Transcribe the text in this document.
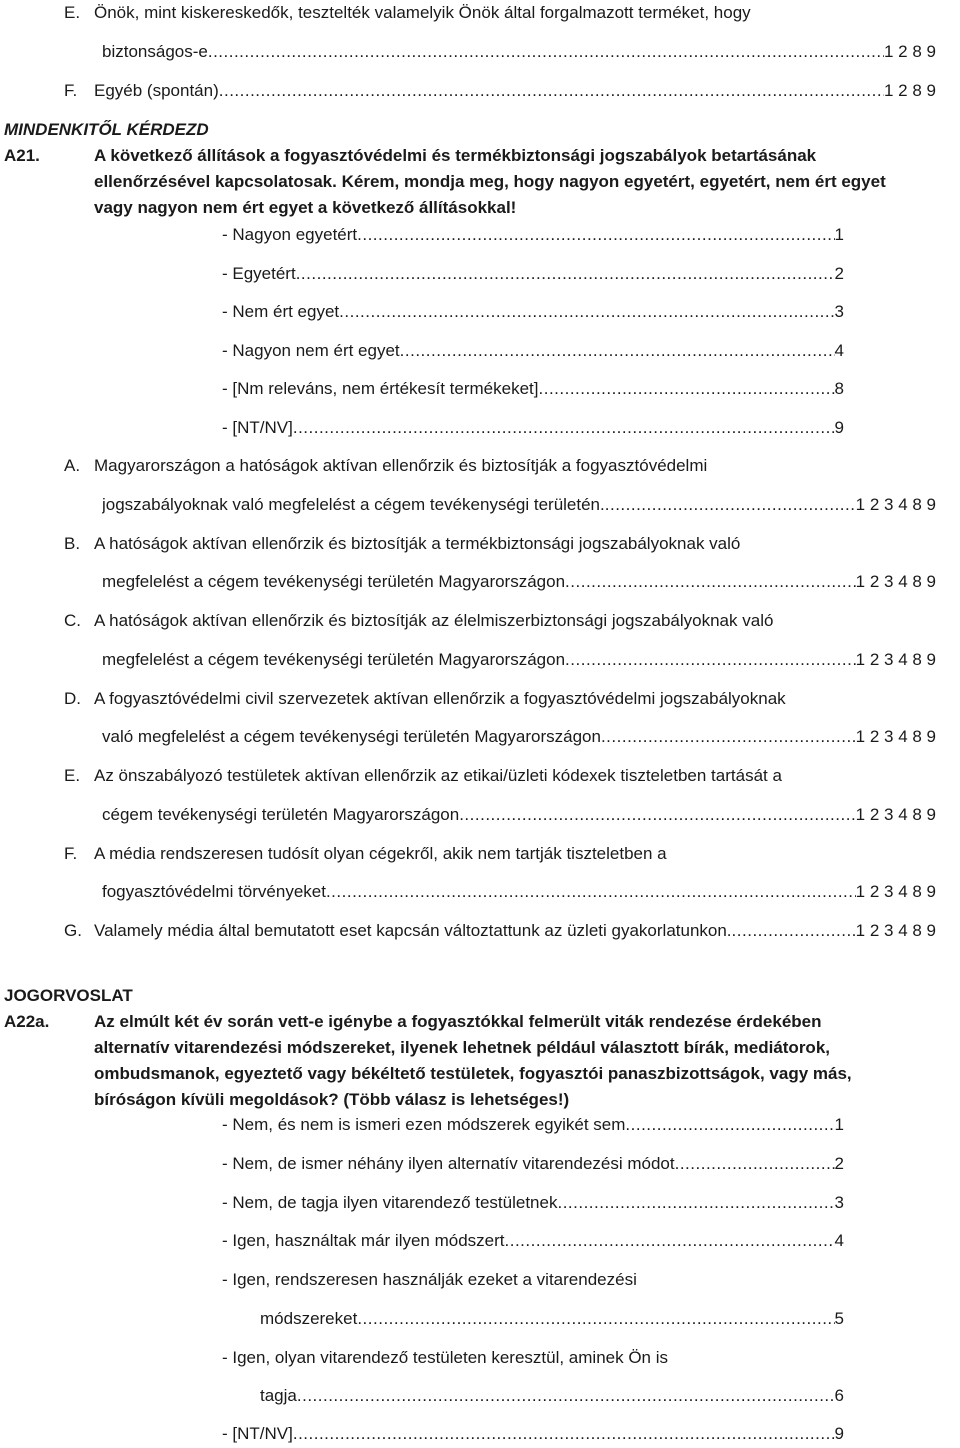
E. Önök, mint kiskereskedők, tesztelték valamelyik Önök által forgalmazott terméket, hogy
biztonságos-e .....	1 2 8 9
F. Egyéb (spontán) .....	1 2 8 9
MINDENKITŐL KÉRDEZD
A21.	A következő állítások a fogyasztóvédelmi és termékbiztonsági jogszabályok betartásának
ellenőrzésével kapcsolatosak. Kérem, mondja meg, hogy nagyon egyetért, egyetért, nem ért egyet
vagy nagyon nem ért egyet a következő állításokkal!
- Nagyon egyetért .....	1
- Egyetért .....	2
- Nem ért egyet .....	3
- Nagyon nem ért egyet .....	4
- [Nm releváns, nem értékesít termékeket] .....	8
- [NT/NV] .....	9
A. Magyarországon a hatóságok aktívan ellenőrzik és biztosítják a fogyasztóvédelmi
jogszabályoknak való megfelelést a cégem tevékenységi területén. .....	1 2 3 4 8 9
B. A hatóságok aktívan ellenőrzik és biztosítják a termékbiztonsági jogszabályoknak való
megfelelést a cégem tevékenységi területén Magyarországon .....	1 2 3 4 8 9
C. A hatóságok aktívan ellenőrzik és biztosítják az élelmiszerbiztonsági jogszabályoknak való
megfelelést a cégem tevékenységi területén Magyarországon .....	1 2 3 4 8 9
D. A fogyasztóvédelmi civil szervezetek aktívan ellenőrzik a fogyasztóvédelmi jogszabályoknak
való megfelelést a cégem tevékenységi területén Magyarországon .....	1 2 3 4 8 9
E. Az önszabályozó testületek aktívan ellenőrzik az etikai/üzleti kódexek tiszteletben tartását a
cégem tevékenységi területén Magyarországon .....	1 2 3 4 8 9
F. A média rendszeresen tudósít olyan cégekről, akik nem tartják tiszteletben a
fogyasztóvédelmi törvényeket .....	1 2 3 4 8 9
G. Valamely média által bemutatott eset kapcsán változtattunk az üzleti gyakorlatunkon. .....	1 2 3 4 8 9
JOGORVOSLAT
A22a.	Az elmúlt két év során vett-e igénybe a fogyasztókkal felmerült viták rendezése érdekében
alternatív vitarendezési módszereket, ilyenek lehetnek például választott bírák, mediátorok,
ombudsmanok, egyeztető vagy békéltető testületek, fogyasztói panaszbizottságok, vagy más,
bíróságon kívüli megoldások? (Több válasz is lehetséges!)
- Nem, és nem is ismeri ezen módszerek egyikét sem .....	1
- Nem, de ismer néhány ilyen alternatív vitarendezési módot .....	2
- Nem, de tagja ilyen vitarendező testületnek .....	3
- Igen, használtak már ilyen módszert .....	4
- Igen, rendszeresen használják ezeket a vitarendezési
módszereket .....	5
- Igen, olyan vitarendező testületen keresztül, aminek Ön is
tagja .....	6
- [NT/NV] .....	9
